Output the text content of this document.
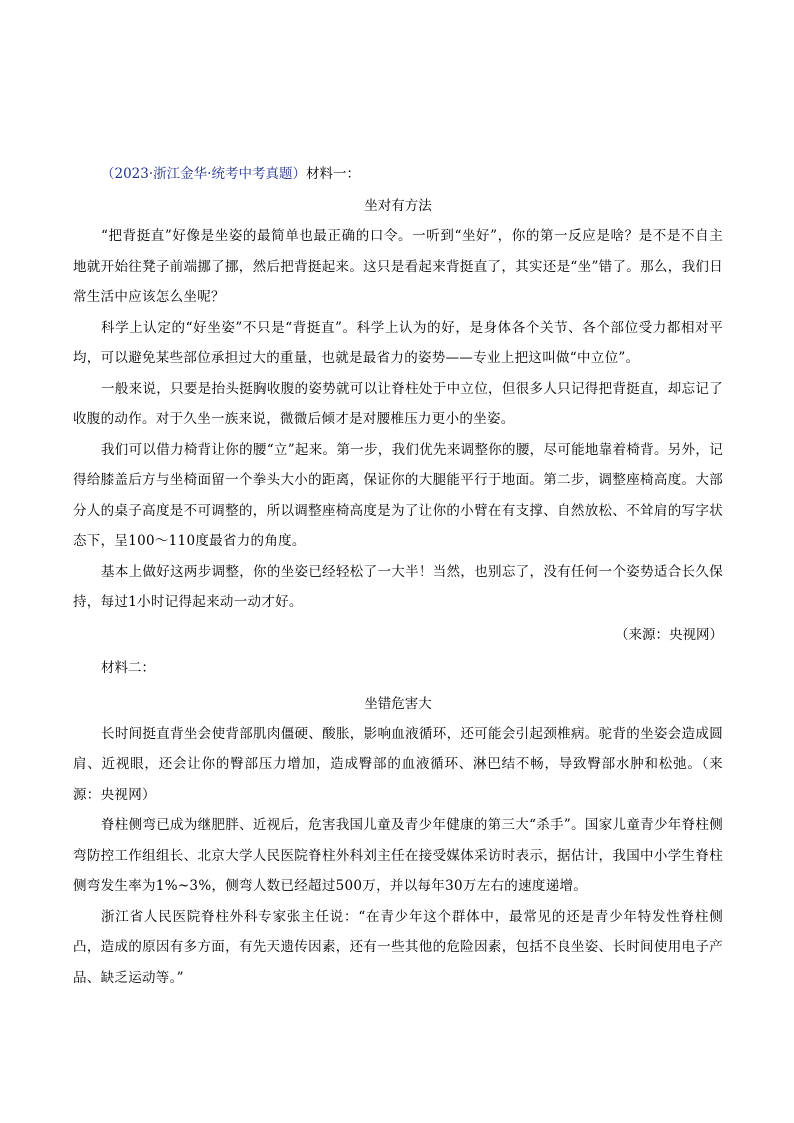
（2023·浙江金华·统考中考真题）材料一：

坐对有方法

“把背挺直”好像是坐姿的最简单也最正确的口令。一听到“坐好”，你的第一反应是啥？是不是不自主地就开始往凳子前端挪了挪，然后把背挺起来。这只是看起来背挺直了，其实还是“坐”错了。那么，我们日常生活中应该怎么坐呢？

科学上认定的“好坐姿”不只是“背挺直”。科学上认为的好，是身体各个关节、各个部位受力都相对平均，可以避免某些部位承担过大的重量，也就是最省力的姿势——专业上把这叫做“中立位”。

一般来说，只要是抬头挺胸收腹的姿势就可以让脊柱处于中立位，但很多人只记得把背挺直，却忘记了收腹的动作。对于久坐一族来说，微微后倾才是对腰椎压力更小的坐姿。

我们可以借力椅背让你的腰“立”起来。第一步，我们优先来调整你的腰，尽可能地靠着椅背。另外，记得给膝盖后方与坐椅面留一个拳头大小的距离，保证你的大腿能平行于地面。第二步，调整座椅高度。大部分人的桌子高度是不可调整的，所以调整座椅高度是为了让你的小臂在有支撑、自然放松、不耸肩的写字状态下，呈100～110度最省力的角度。

基本上做好这两步调整，你的坐姿已经轻松了一大半！当然，也别忘了，没有任何一个姿势适合长久保持，每过1小时记得起来动一动才好。

（来源：央视网）

材料二：

坐错危害大

长时间挺直背坐会使背部肌肉僵硬、酸胀，影响血液循环，还可能会引起颈椎病。驼背的坐姿会造成圆肩、近视眼，还会让你的臀部压力增加，造成臀部的血液循环、淋巴结不畅，导致臀部水肿和松弛。（来源：央视网）

脊柱侧弯已成为继肥胖、近视后，危害我国儿童及青少年健康的第三大“杀手”。国家儿童青少年脊柱侧弯防控工作组组长、北京大学人民医院脊柱外科刘主任在接受媒体采访时表示，据估计，我国中小学生脊柱侧弯发生率为1%~3%，侧弯人数已经超过500万，并以每年30万左右的速度递增。

浙江省人民医院脊柱外科专家张主任说：“在青少年这个群体中，最常见的还是青少年特发性脊柱侧凸，造成的原因有多方面，有先天遗传因素，还有一些其他的危险因素，包括不良坐姿、长时间使用电子产品、缺乏运动等。”
